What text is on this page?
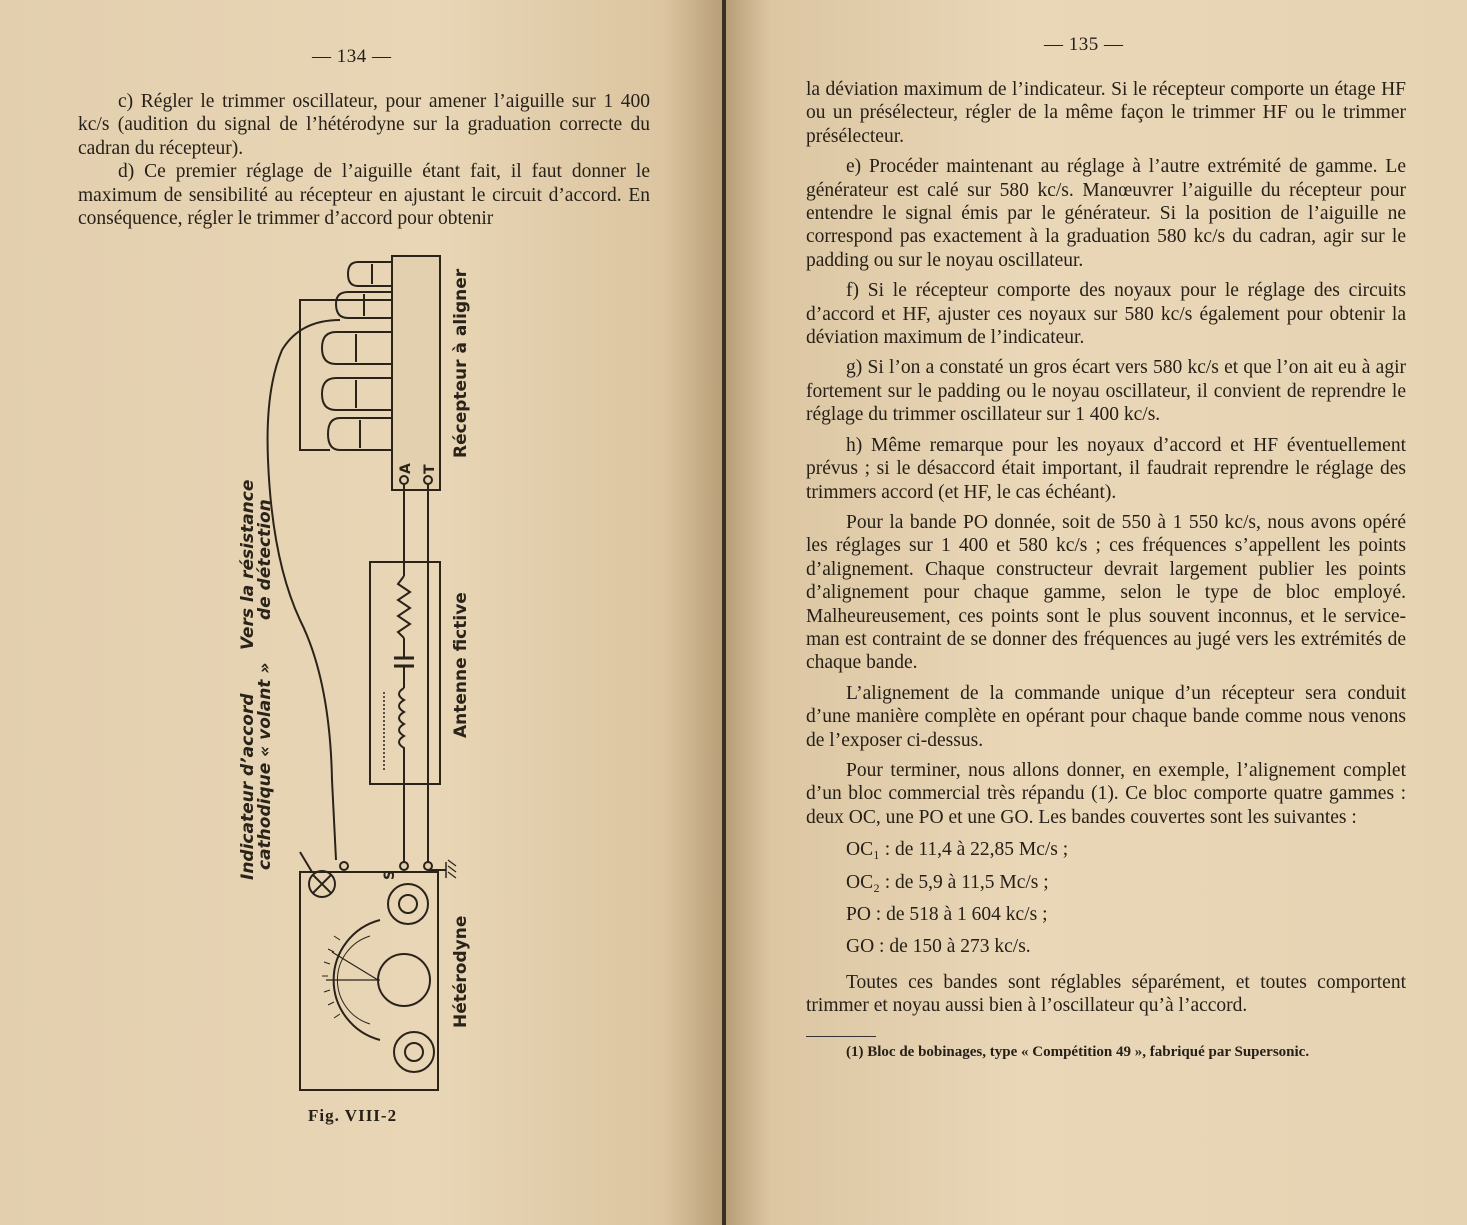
— 134 —

c) Régler le trimmer oscillateur, pour amener l’aiguille sur 1 400 kc/s (audition du signal de l’hétérodyne sur la graduation correcte du cadran du récepteur).

d) Ce premier réglage de l’aiguille étant fait, il faut donner le maximum de sensibilité au récepteur en ajustant le circuit d’accord. En conséquence, régler le trimmer d’accord pour obtenir

Vers la résistance
de détection
Récepteur à aligner
Antenne fictive
Indicateur d’accord
cathodique « volant »
Hétérodyne
A T
S
Fig. VIII-2
— 135 —

la déviation maximum de l’indicateur. Si le récepteur comporte un étage HF ou un présélecteur, régler de la même façon le trimmer HF ou le trimmer présélecteur.

e) Procéder maintenant au réglage à l’autre extrémité de gamme. Le générateur est calé sur 580 kc/s. Manœuvrer l’aiguille du récepteur pour entendre le signal émis par le générateur. Si la position de l’aiguille ne correspond pas exactement à la graduation 580 kc/s du cadran, agir sur le padding ou sur le noyau oscillateur.

f) Si le récepteur comporte des noyaux pour le réglage des circuits d’accord et HF, ajuster ces noyaux sur 580 kc/s également pour obtenir la déviation maximum de l’indicateur.

g) Si l’on a constaté un gros écart vers 580 kc/s et que l’on ait eu à agir fortement sur le padding ou le noyau oscillateur, il convient de reprendre le réglage du trimmer oscillateur sur 1 400 kc/s.

h) Même remarque pour les noyaux d’accord et HF éventuellement prévus ; si le désaccord était important, il faudrait reprendre le réglage des trimmers accord (et HF, le cas échéant).

Pour la bande PO donnée, soit de 550 à 1 550 kc/s, nous avons opéré les réglages sur 1 400 et 580 kc/s ; ces fréquences s’appellent les points d’alignement. Chaque constructeur devrait largement publier les points d’alignement pour chaque gamme, selon le type de bloc employé. Malheureusement, ces points sont le plus souvent inconnus, et le service-man est contraint de se donner des fréquences au jugé vers les extrémités de chaque bande.

L’alignement de la commande unique d’un récepteur sera conduit d’une manière complète en opérant pour chaque bande comme nous venons de l’exposer ci-dessus.

Pour terminer, nous allons donner, en exemple, l’alignement complet d’un bloc commercial très répandu (1). Ce bloc comporte quatre gammes : deux OC, une PO et une GO. Les bandes couvertes sont les suivantes :

OC₁ : de 11,4 à 22,85 Mc/s ;

OC₂ : de 5,9 à 11,5 Mc/s ;

PO : de 518 à 1 604 kc/s ;

GO : de 150 à 273 kc/s.

Toutes ces bandes sont réglables séparément, et toutes comportent trimmer et noyau aussi bien à l’oscillateur qu’à l’accord.

(1) Bloc de bobinages, type « Compétition 49 », fabriqué par Supersonic.
